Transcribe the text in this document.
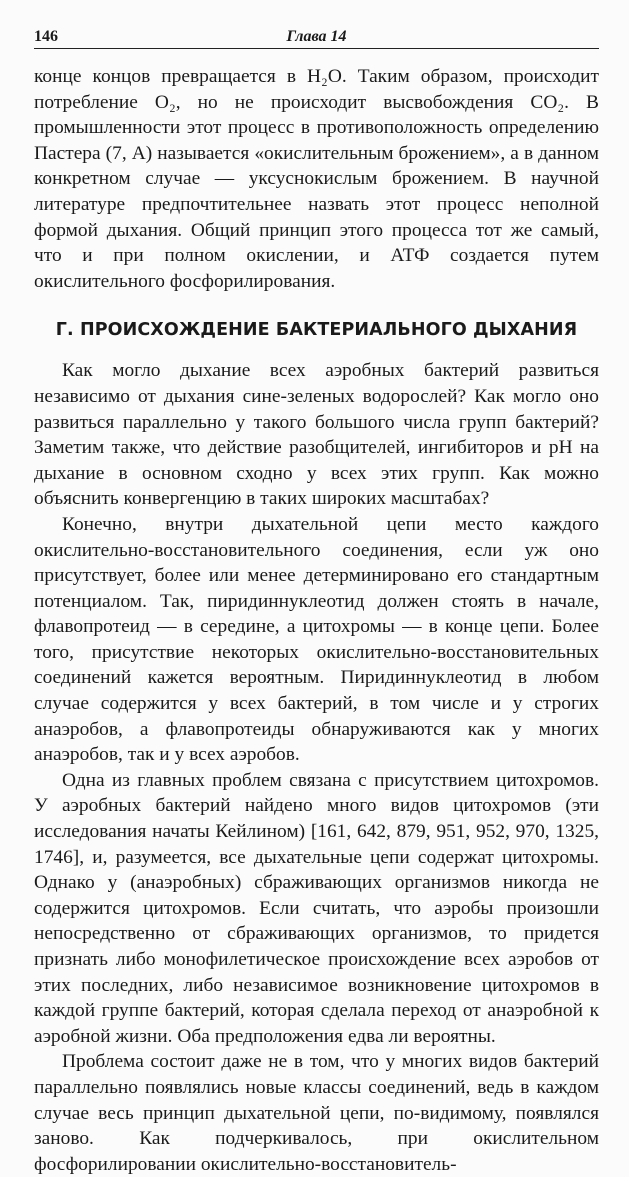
146	Глава 14

конце концов превращается в H₂O. Таким образом, происходит потребление O₂, но не происходит высвобождения CO₂. В промышленности этот процесс в противоположность определению Пастера (7, A) называется «окислительным брожением», а в данном конкретном случае — уксуснокислым брожением. В научной литературе предпочтительнее назвать этот процесс неполной формой дыхания. Общий принцип этого процесса тот же самый, что и при полном окислении, и АТФ создается путем окислительного фосфорилирования.

Г. ПРОИСХОЖДЕНИЕ БАКТЕРИАЛЬНОГО ДЫХАНИЯ

Как могло дыхание всех аэробных бактерий развиться независимо от дыхания сине-зеленых водорослей? Как могло оно развиться параллельно у такого большого числа групп бактерий? Заметим также, что действие разобщителей, ингибиторов и pH на дыхание в основном сходно у всех этих групп. Как можно объяснить конвергенцию в таких широких масштабах?

Конечно, внутри дыхательной цепи место каждого окислительно-восстановительного соединения, если уж оно присутствует, более или менее детерминировано его стандартным потенциалом. Так, пиридиннуклеотид должен стоять в начале, флавопротеид — в середине, а цитохромы — в конце цепи. Более того, присутствие некоторых окислительно-восстановительных соединений кажется вероятным. Пиридиннуклеотид в любом случае содержится у всех бактерий, в том числе и у строгих анаэробов, а флавопротеиды обнаруживаются как у многих анаэробов, так и у всех аэробов.

Одна из главных проблем связана с присутствием цитохромов. У аэробных бактерий найдено много видов цитохромов (эти исследования начаты Кейлином) [161, 642, 879, 951, 952, 970, 1325, 1746], и, разумеется, все дыхательные цепи содержат цитохромы. Однако у (анаэробных) сбраживающих организмов никогда не содержится цитохромов. Если считать, что аэробы произошли непосредственно от сбраживающих организмов, то придется признать либо монофилетическое происхождение всех аэробов от этих последних, либо независимое возникновение цитохромов в каждой группе бактерий, которая сделала переход от анаэробной к аэробной жизни. Оба предположения едва ли вероятны.

Проблема состоит даже не в том, что у многих видов бактерий параллельно появлялись новые классы соединений, ведь в каждом случае весь принцип дыхательной цепи, по-видимому, появлялся заново. Как подчеркивалось, при окислительном фосфорилировании окислительно-восстановитель-
